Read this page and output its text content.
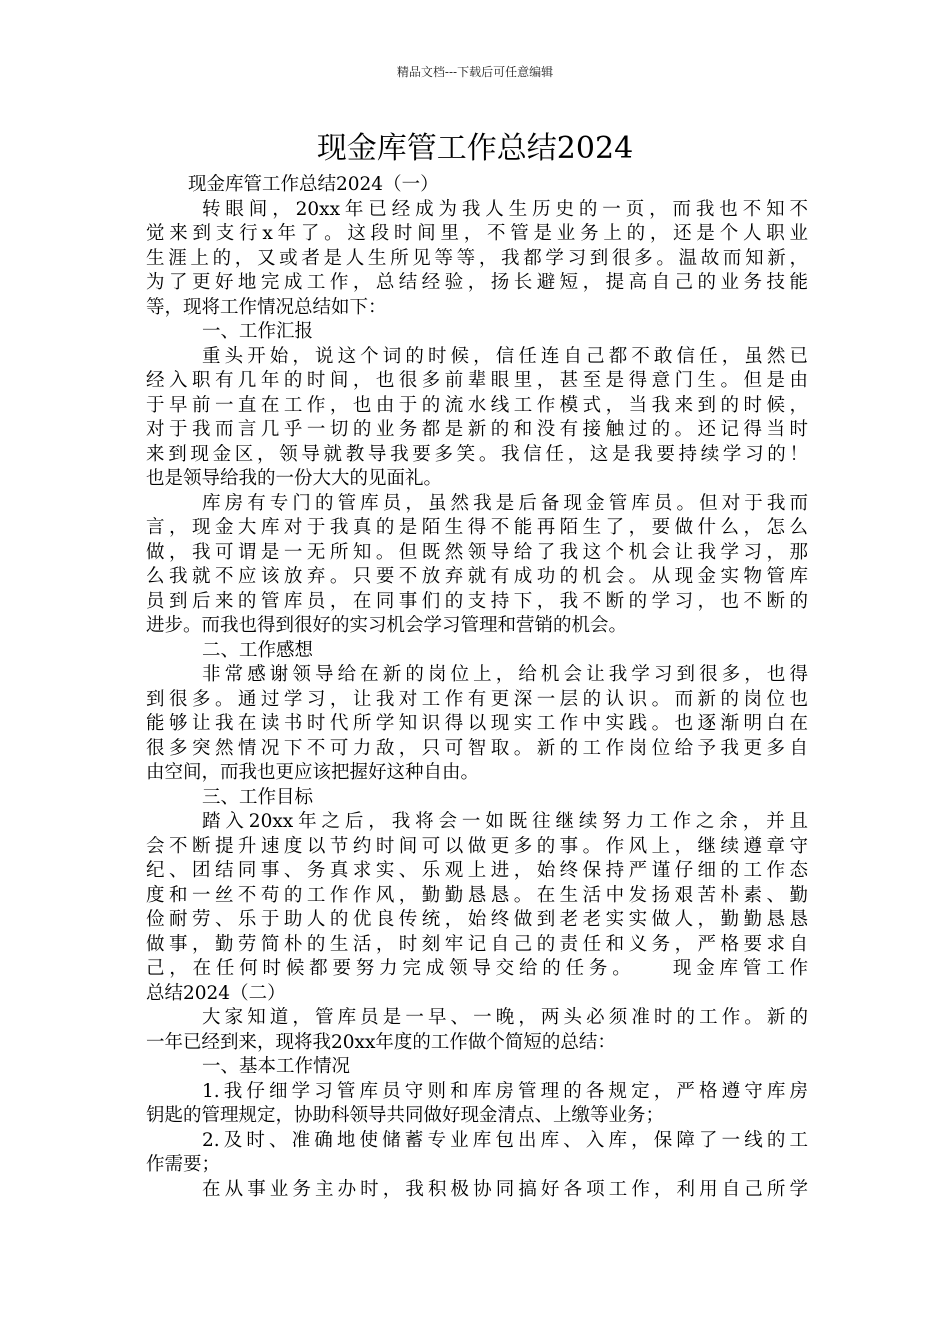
精品文档---下载后可任意编辑
现金库管工作总结2024
现金库管工作总结2024（一）
转眼间，20xx年已经成为我人生历史的一页，而我也不知不
觉来到支行x年了。这段时间里，不管是业务上的，还是个人职业
生涯上的，又或者是人生所见等等，我都学习到很多。温故而知新，
为了更好地完成工作，总结经验，扬长避短，提高自己的业务技能
等，现将工作情况总结如下：
一、工作汇报
重头开始，说这个词的时候，信任连自己都不敢信任，虽然已
经入职有几年的时间，也很多前辈眼里，甚至是得意门生。但是由
于早前一直在工作，也由于的流水线工作模式，当我来到的时候，
对于我而言几乎一切的业务都是新的和没有接触过的。还记得当时
来到现金区，领导就教导我要多笑。我信任，这是我要持续学习的！
也是领导给我的一份大大的见面礼。
库房有专门的管库员，虽然我是后备现金管库员。但对于我而
言，现金大库对于我真的是陌生得不能再陌生了，要做什么，怎么
做，我可谓是一无所知。但既然领导给了我这个机会让我学习，那
么我就不应该放弃。只要不放弃就有成功的机会。从现金实物管库
员到后来的管库员，在同事们的支持下，我不断的学习，也不断的
进步。而我也得到很好的实习机会学习管理和营销的机会。
二、工作感想
非常感谢领导给在新的岗位上，给机会让我学习到很多，也得
到很多。通过学习，让我对工作有更深一层的认识。而新的岗位也
能够让我在读书时代所学知识得以现实工作中实践。也逐渐明白在
很多突然情况下不可力敌，只可智取。新的工作岗位给予我更多自
由空间，而我也更应该把握好这种自由。
三、工作目标
踏入20xx年之后，我将会一如既往继续努力工作之余，并且
会不断提升速度以节约时间可以做更多的事。作风上，继续遵章守
纪、团结同事、务真求实、乐观上进，始终保持严谨仔细的工作态
度和一丝不苟的工作作风，勤勤恳恳。在生活中发扬艰苦朴素、勤
俭耐劳、乐于助人的优良传统，始终做到老老实实做人，勤勤恳恳
做事，勤劳简朴的生活，时刻牢记自己的责任和义务，严格要求自
己，在任何时候都要努力完成领导交给的任务。　　现金库管工作
总结2024（二）
大家知道，管库员是一早、一晚，两头必须准时的工作。新的
一年已经到来，现将我20xx年度的工作做个简短的总结：
一、基本工作情况
1.我仔细学习管库员守则和库房管理的各规定，严格遵守库房
钥匙的管理规定，协助科领导共同做好现金清点、上缴等业务；
2.及时、准确地使储蓄专业库包出库、入库，保障了一线的工
作需要；
在从事业务主办时，我积极协同搞好各项工作，利用自己所学
